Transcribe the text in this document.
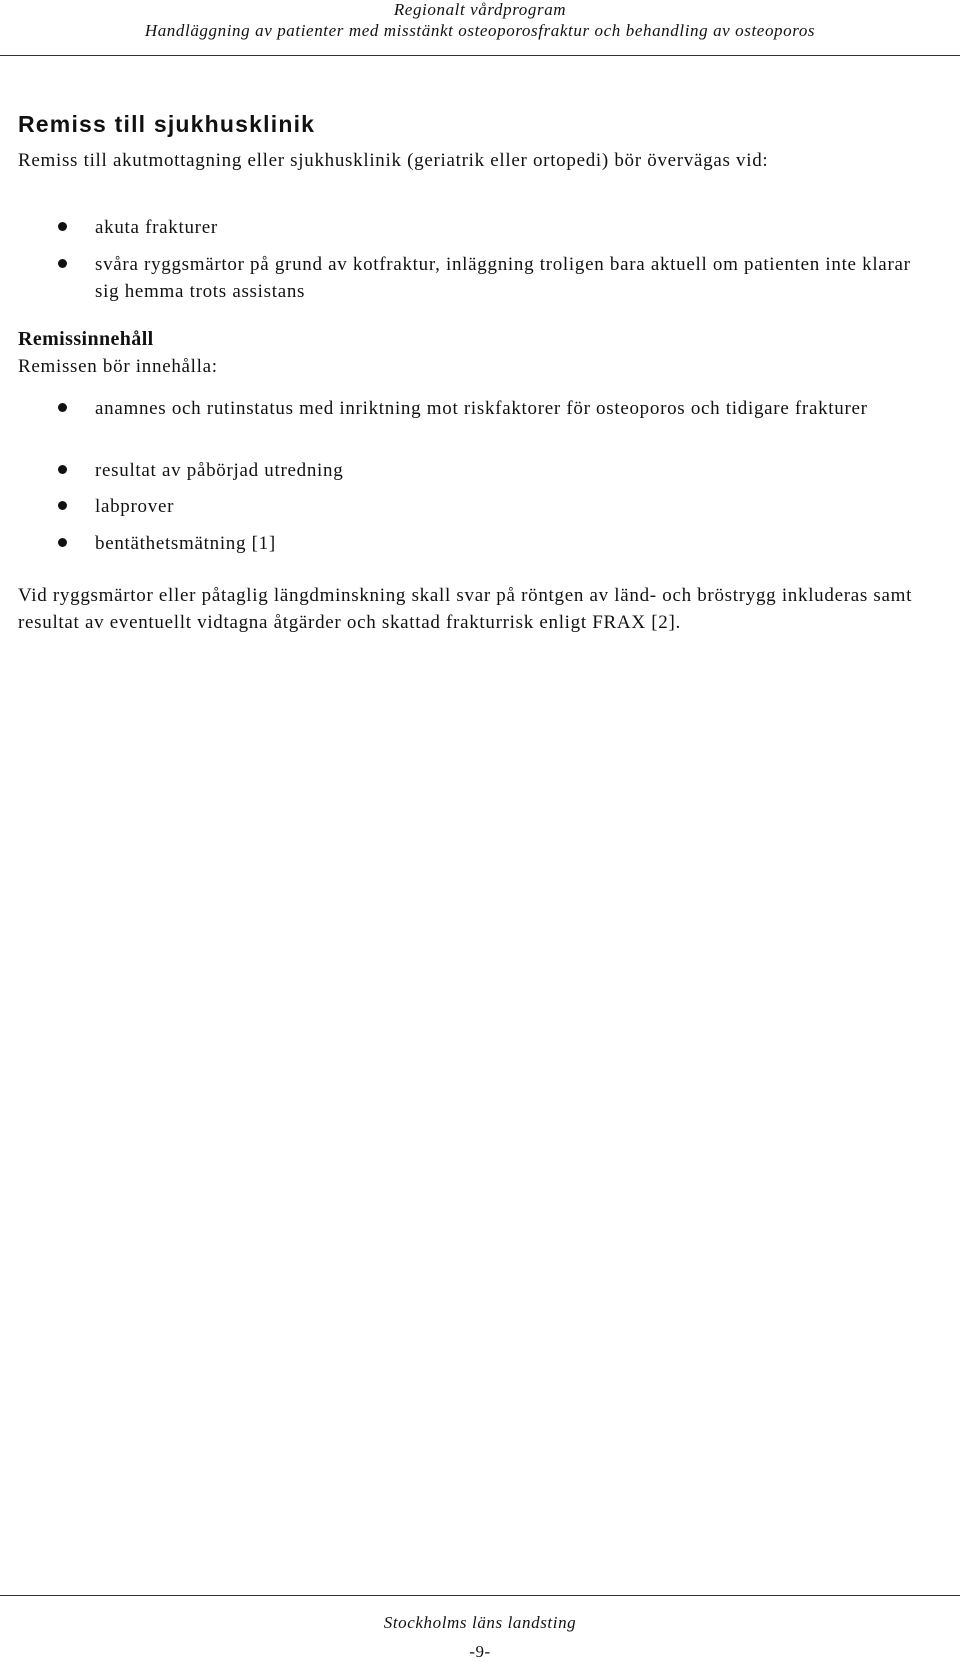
Regionalt vårdprogram
Handläggning av patienter med misstänkt osteoporosfraktur och behandling av osteoporos
Remiss till sjukhusklinik
Remiss till akutmottagning eller sjukhusklinik (geriatrik eller ortopedi) bör övervägas vid:
akuta frakturer
svåra ryggsmärtor på grund av kotfraktur, inläggning troligen bara aktuell om patienten inte klarar sig hemma trots assistans
Remissinnehåll
Remissen bör innehålla:
anamnes och rutinstatus med inriktning mot riskfaktorer för osteoporos och tidigare frakturer
resultat av påbörjad utredning
labprover
bentäthetsmätning [1]
Vid ryggsmärtor eller påtaglig längdminskning skall svar på röntgen av länd- och bröstrygg inkluderas samt resultat av eventuellt vidtagna åtgärder och skattad frakturrisk enligt FRAX [2].
Stockholms läns landsting
-9-
